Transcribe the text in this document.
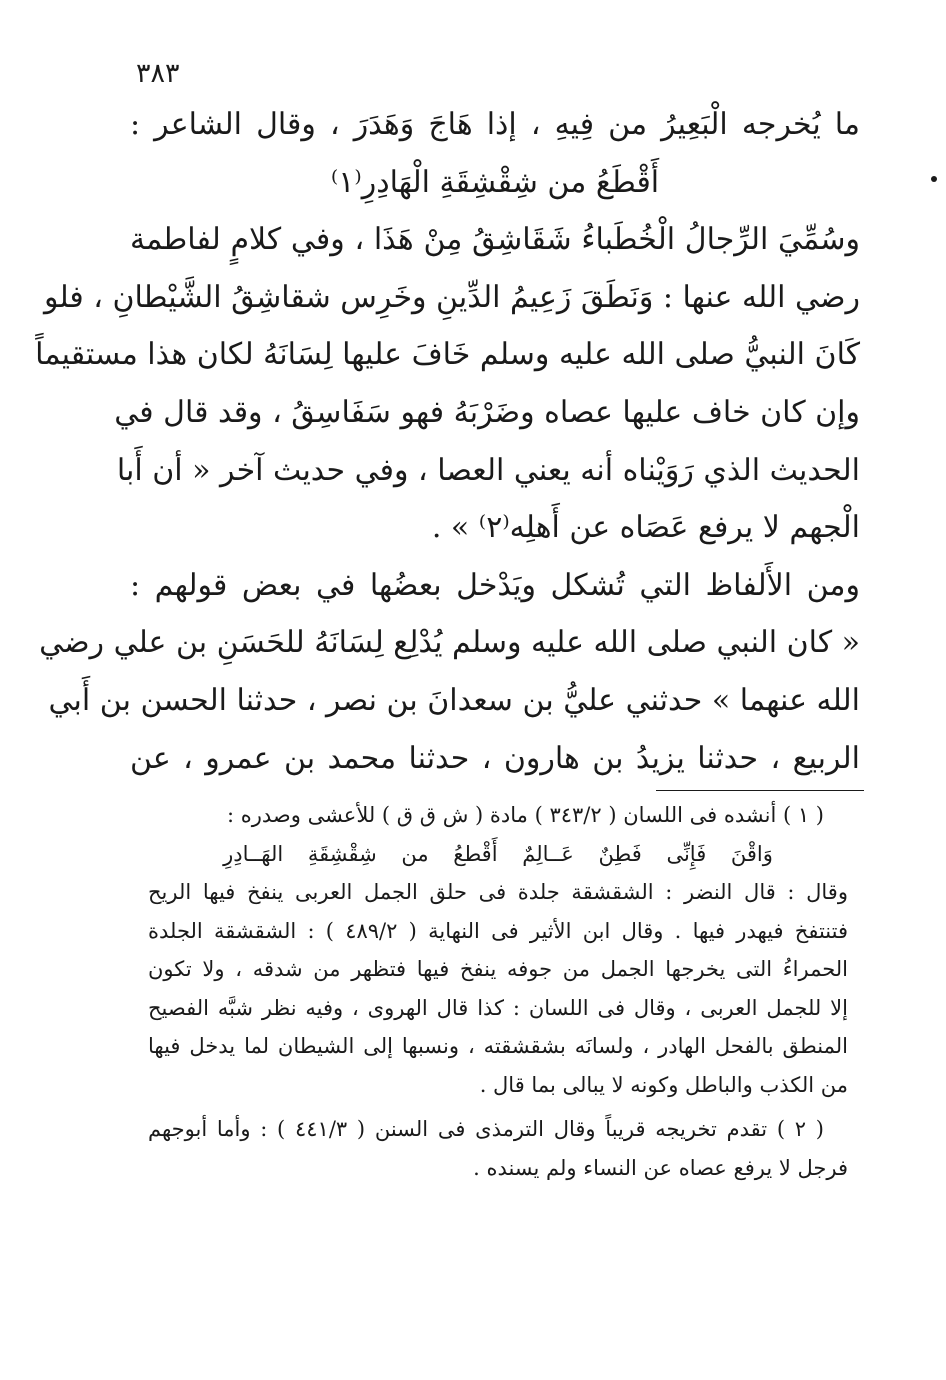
٣٨٣
ما يُخرجه الْبَعِيرُ من فِيهِ ، إذا هَاجَ وَهَدَرَ ، وقال الشاعر :
أَقْطَعُ من شِقْشِقَةِ الْهَادِرِ⁽١⁾
وسُمِّيَ الرِّجالُ الْخُطَباءُ شَقَاشِقُ مِنْ هَذَا ، وفي كلامٍ لفاطمة
رضي الله عنها : وَنَطَقَ زَعِيمُ الدِّينِ وخَرِس شقاشِقُ الشَّيْطانِ ، فلو
كَانَ النبيُّ صلى الله عليه وسلم خَافَ عليها لِسَانَهُ لكان هذا مستقيماً
وإن كان خاف عليها عصاه وضَرْبَهُ فهو سَفَاسِقُ ، وقد قال في
الحديث الذي رَوَيْناه أنه يعني العصا ، وفي حديث آخر « أن أَبا
الْجهم لا يرفع عَصَاه عن أَهلِه⁽٢⁾ » .
ومن الأَلفاظ التي تُشكل ويَدْخل بعضُها في بعض قولهم :
« كان النبي صلى الله عليه وسلم يُدْلِع لِسَانَهُ للحَسَنِ بن علي رضي
الله عنهما » حدثني عليُّ بن سعدانَ بن نصر ، حدثنا الحسن بن أَبي
الربيع ، حدثنا يزيدُ بن هارون ، حدثنا محمد بن عمرو ، عن
( ١ ) أنشده فى اللسان ( ٣٤٣/٢ ) مادة ( ش ق ق ) للأعشى وصدره :
وَاقْنَ فَإِنِّى فَطِنٌ عَــالِمٌ أَقْطعُ من شِقْشِقَةِ الهَــادِرِ
وقال : قال النضر : الشقشقة جلدة فى حلق الجمل العربى ينفخ فيها الريح
فتنتفخ فيهدر فيها . وقال ابن الأثير فى النهاية ( ٤٨٩/٢ ) : الشقشقة الجلدة
الحمراءُ التى يخرجها الجمل من جوفه ينفخ فيها فتظهر من شدقه ، ولا تكون
إلا للجمل العربى ، وقال فى اللسان : كذا قال الهروى ، وفيه نظر شبَّه الفصيح
المنطق بالفحل الهادر ، ولسانَه بشقشقته ، ونسبها إلى الشيطان لما يدخل فيها
من الكذب والباطل وكونه لا يبالى بما قال .
( ٢ ) تقدم تخريجه قريباً وقال الترمذى فى السنن ( ٤٤١/٣ ) : وأما أبوجهم
فرجل لا يرفع عصاه عن النساء ولم يسنده .
